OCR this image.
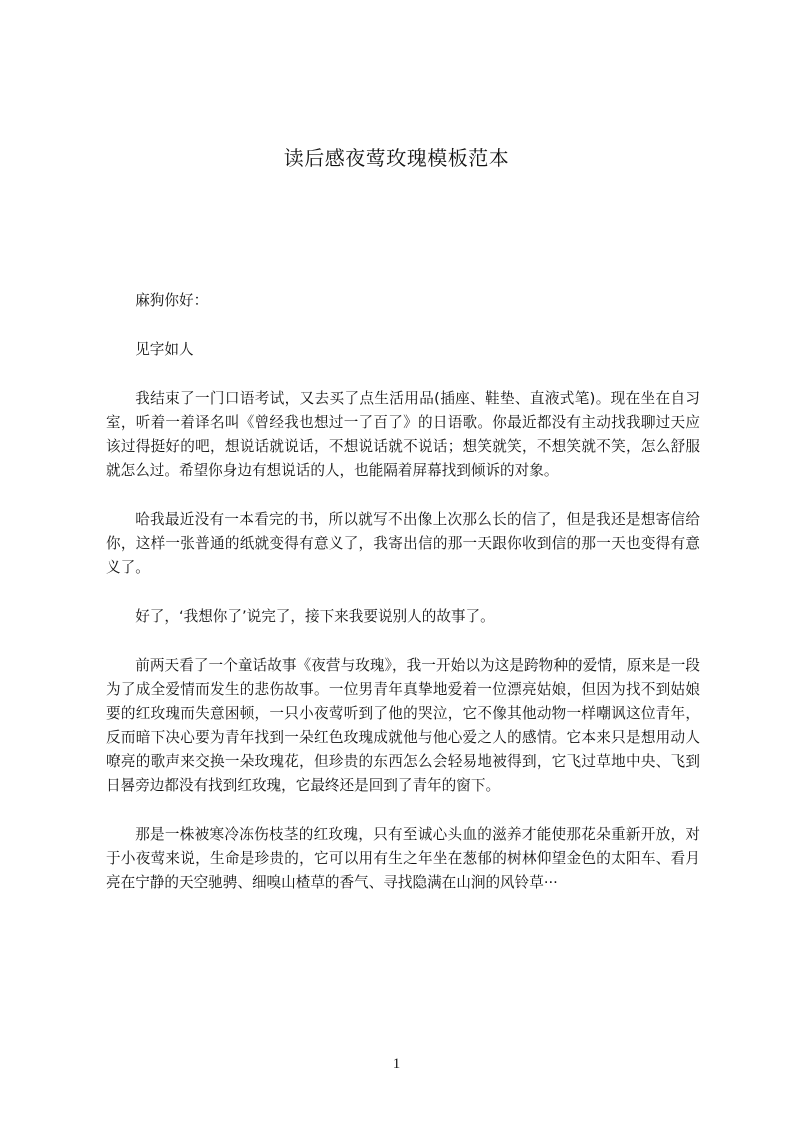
读后感夜莺玫瑰模板范本

麻狗你好：

见字如人

我结束了一门口语考试，又去买了点生活用品(插座、鞋垫、直液式笔)。现在坐在自习室，听着一着译名叫《曾经我也想过一了百了》的日语歌。你最近都没有主动找我聊过天应该过得挺好的吧，想说话就说话，不想说话就不说话；想笑就笑，不想笑就不笑，怎么舒服就怎么过。希望你身边有想说话的人，也能隔着屏幕找到倾诉的对象。

哈我最近没有一本看完的书，所以就写不出像上次那么长的信了，但是我还是想寄信给你，这样一张普通的纸就变得有意义了，我寄出信的那一天跟你收到信的那一天也变得有意义了。

好了，‘我想你了’说完了，接下来我要说别人的故事了。

前两天看了一个童话故事《夜营与玫瑰》，我一开始以为这是跨物种的爱情，原来是一段为了成全爱情而发生的悲伤故事。一位男青年真挚地爱着一位漂亮姑娘，但因为找不到姑娘要的红玫瑰而失意困顿，一只小夜莺听到了他的哭泣，它不像其他动物一样嘲讽这位青年，反而暗下决心要为青年找到一朵红色玫瑰成就他与他心爱之人的感情。它本来只是想用动人嘹亮的歌声来交换一朵玫瑰花，但珍贵的东西怎么会轻易地被得到，它飞过草地中央、飞到日晷旁边都没有找到红玫瑰，它最终还是回到了青年的窗下。

那是一株被寒冷冻伤枝茎的红玫瑰，只有至诚心头血的滋养才能使那花朵重新开放，对于小夜莺来说，生命是珍贵的，它可以用有生之年坐在葱郁的树林仰望金色的太阳车、看月亮在宁静的天空驰骋、细嗅山楂草的香气、寻找隐满在山涧的风铃草···

1
